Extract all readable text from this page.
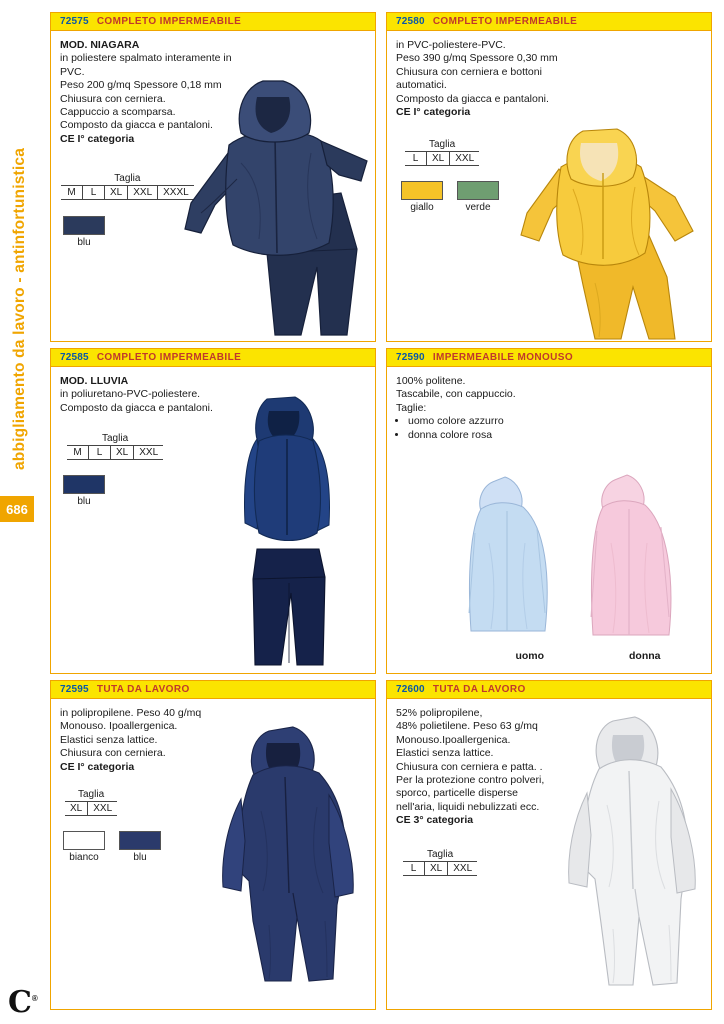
abbigliamento da lavoro - antinfortunistica
686
C®
72575 COMPLETO IMPERMEABILE
MOD. NIAGARA
in poliestere spalmato interamente in PVC.
Peso 200 g/mq Spessore 0,18 mm
Chiusura con cerniera.
Cappuccio a scomparsa.
Composto da giacca e pantaloni.
CE I° categoria
Taglia
M	L	XL	XXL	XXXL
blu
72580 COMPLETO IMPERMEABILE
in PVC-poliestere-PVC.
Peso 390 g/mq Spessore 0,30 mm
Chiusura con cerniera e bottoni automatici.
Composto da giacca e pantaloni.
CE I° categoria
Taglia
L	XL	XXL
giallo	verde
72585 COMPLETO IMPERMEABILE
MOD. LLUVIA
in poliuretano-PVC-poliestere.
Composto da giacca e pantaloni.
Taglia
M	L	XL	XXL
blu
72590 IMPERMEABILE MONOUSO
100% politene.
Tascabile, con cappuccio.
Taglie:
• uomo colore azzurro
• donna colore rosa
uomo	donna
72595 TUTA DA LAVORO
in polipropilene. Peso 40 g/mq
Monouso. Ipoallergenica.
Elastici senza lattice.
Chiusura con cerniera.
CE I° categoria
Taglia
XL	XXL
bianco	blu
72600 TUTA DA LAVORO
52% polipropilene,
48% polietilene. Peso 63 g/mq
Monouso.Ipoallergenica.
Elastici senza lattice.
Chiusura con cerniera e patta. .
Per la protezione contro polveri,
sporco, particelle disperse
nell'aria, liquidi nebulizzati ecc.
CE 3° categoria
Taglia
L	XL	XXL
